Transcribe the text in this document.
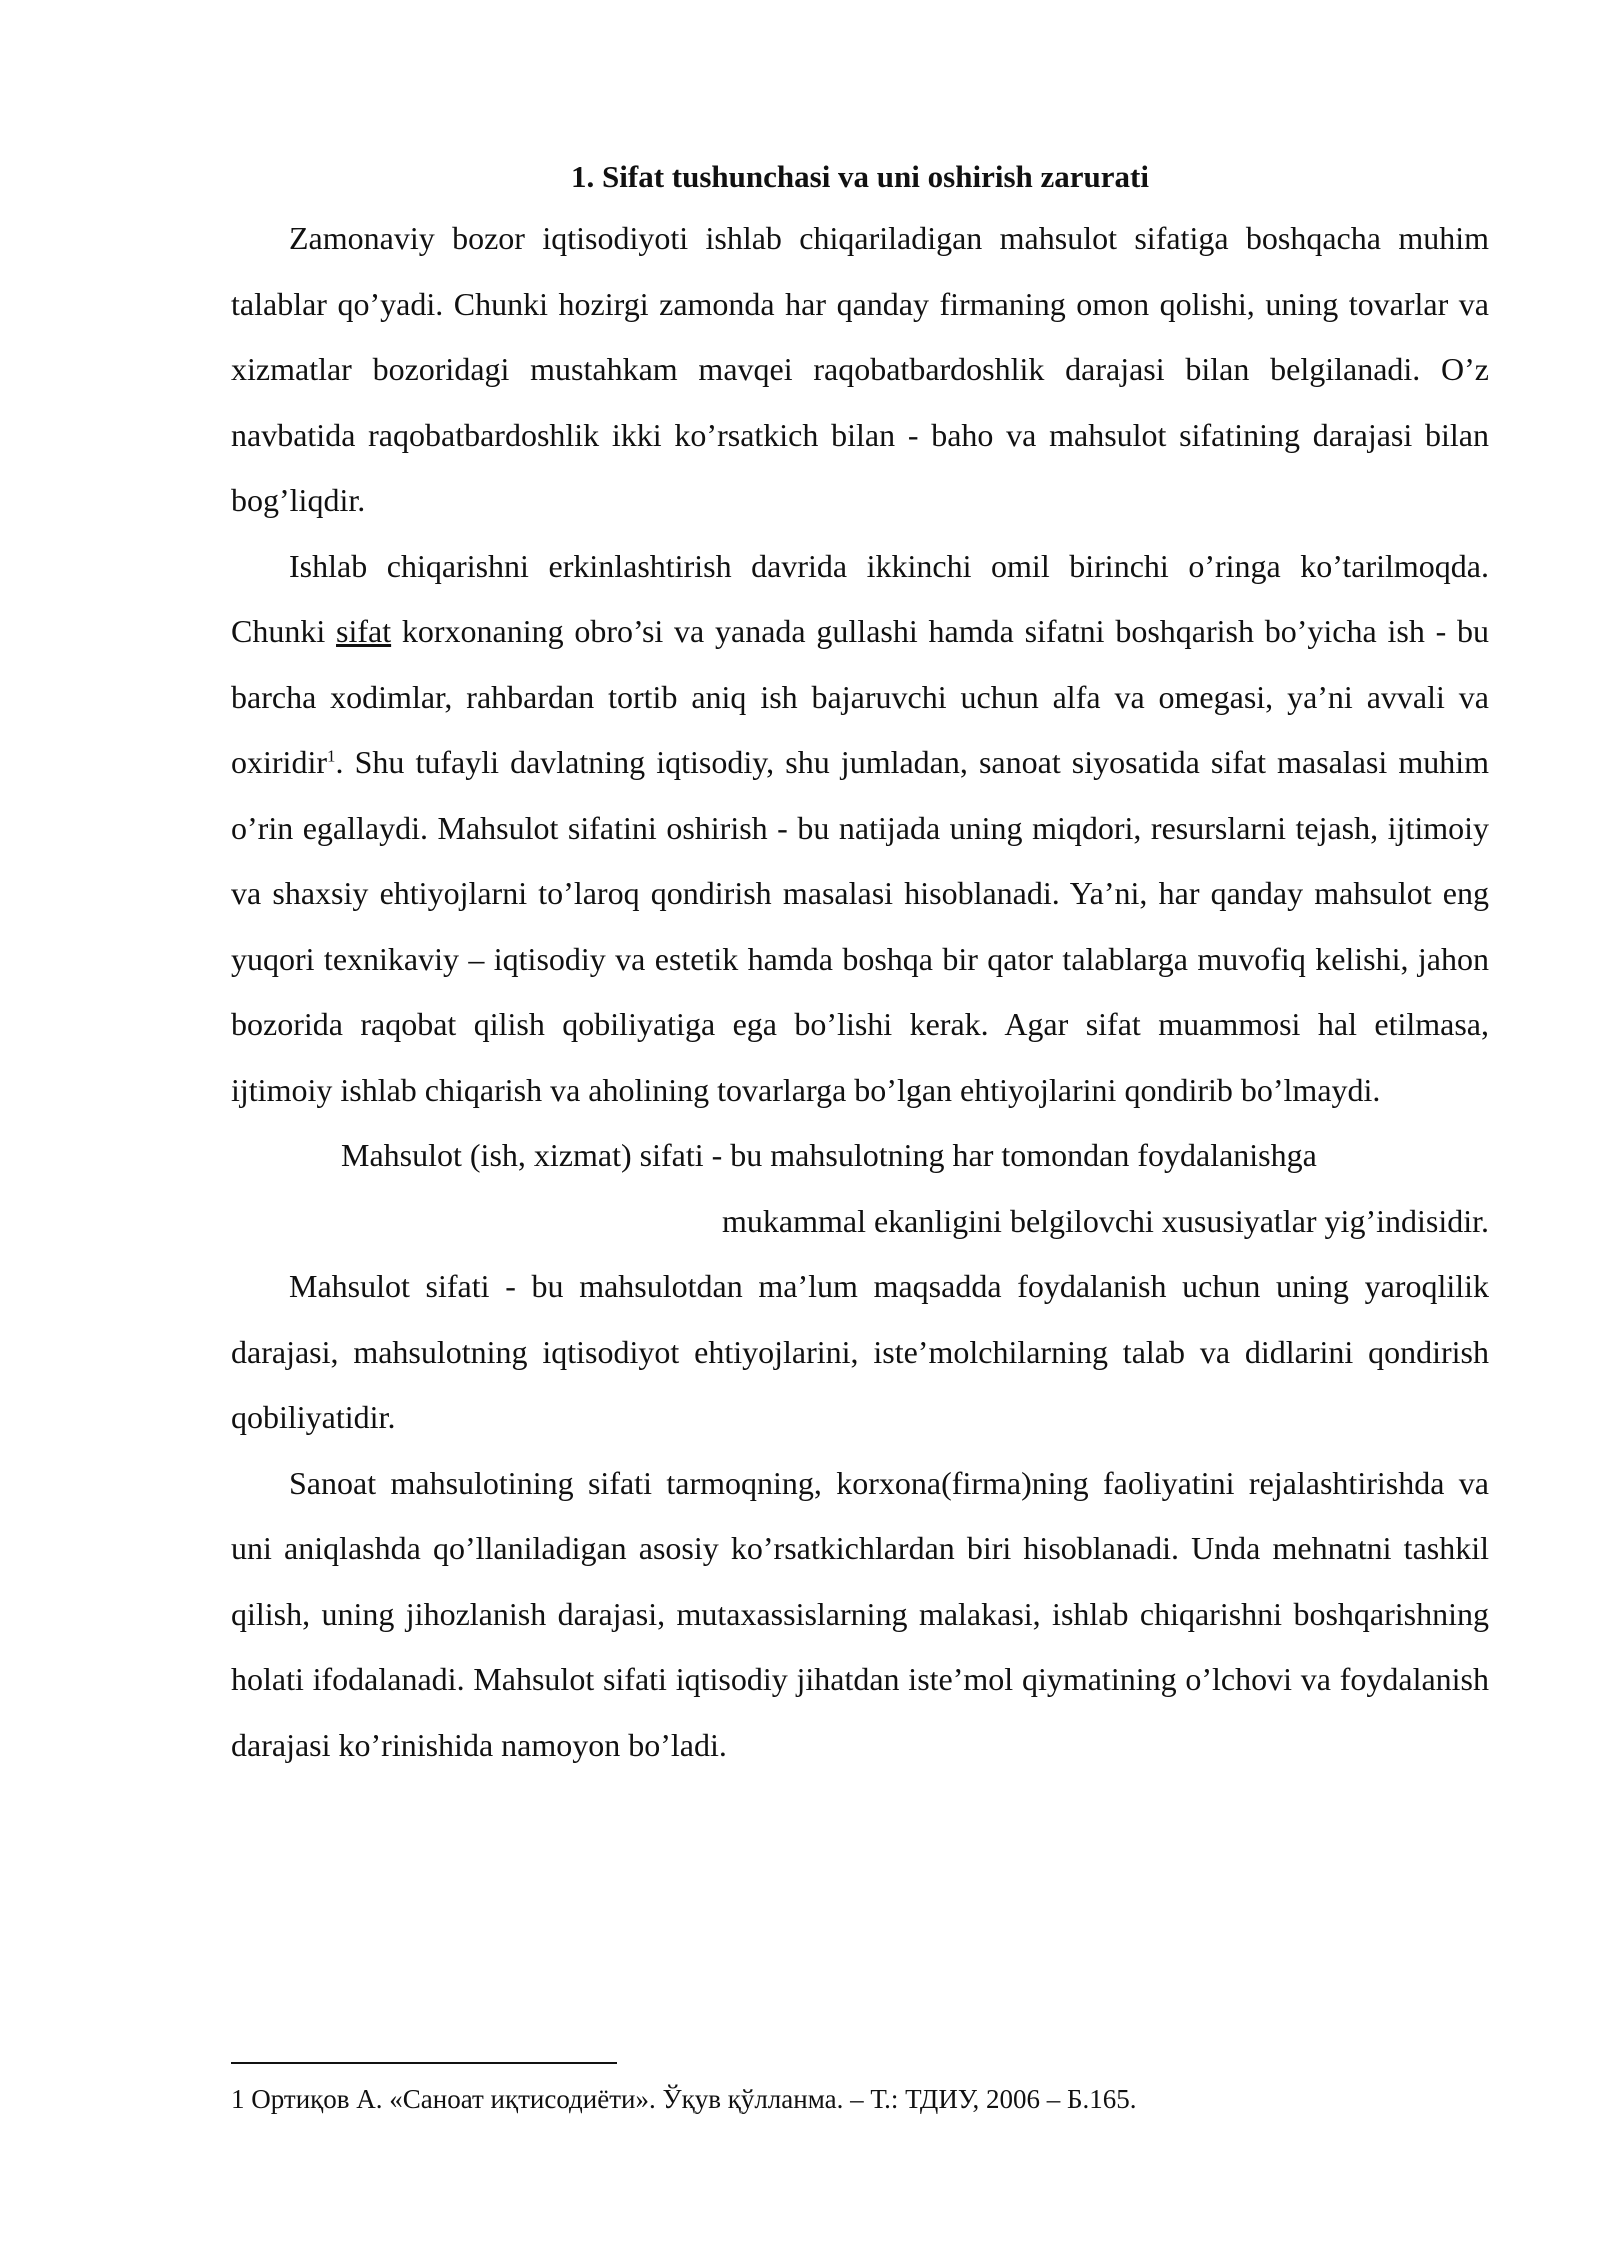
1. Sifat tushunchasi va uni oshirish zarurati

Zamonaviy bozor iqtisodiyoti ishlab chiqariladigan mahsulot sifatiga boshqacha muhim talablar qo’yadi. Chunki hozirgi zamonda har qanday firmaning omon qolishi, uning tovarlar va xizmatlar bozoridagi mustahkam mavqei raqobatbardoshlik darajasi bilan belgilanadi. O’z navbatida raqobatbardoshlik ikki ko’rsatkich bilan - baho va mahsulot sifatining darajasi bilan bog’liqdir.

Ishlab chiqarishni erkinlashtirish davrida ikkinchi omil birinchi o’ringa ko’tarilmoqda. Chunki sifat korxonaning obro’si va yanada gullashi hamda sifatni boshqarish bo’yicha ish - bu barcha xodimlar, rahbardan tortib aniq ish bajaruvchi uchun alfa va omegasi, ya’ni avvali va oxiridir$^1$. Shu tufayli davlatning iqtisodiy, shu jumladan, sanoat siyosatida sifat masalasi muhim o’rin egallaydi. Mahsulot sifatini oshirish - bu natijada uning miqdori, resurslarni tejash, ijtimoiy va shaxsiy ehtiyojlarni to’laroq qondirish masalasi hisoblanadi. Ya’ni, har qanday mahsulot eng yuqori texnikaviy – iqtisodiy va estetik hamda boshqa bir qator talablarga muvofiq kelishi, jahon bozorida raqobat qilish qobiliyatiga ega bo’lishi kerak. Agar sifat muammosi hal etilmasa, ijtimoiy ishlab chiqarish va aholining tovarlarga bo’lgan ehtiyojlarini qondirib bo’lmaydi.

Mahsulot (ish, xizmat) sifati - bu mahsulotning har tomondan foydalanishga
mukammal ekanligini belgilovchi xususiyatlar yig’indisidir.

Mahsulot sifati - bu mahsulotdan ma’lum maqsadda foydalanish uchun uning yaroqlilik darajasi, mahsulotning iqtisodiyot ehtiyojlarini, iste’molchilarning talab va didlarini qondirish qobiliyatidir.

Sanoat mahsulotining sifati tarmoqning, korxona(firma)ning faoliyatini rejalashtirishda va uni aniqlashda qo’llaniladigan asosiy ko’rsatkichlardan biri hisoblanadi. Unda mehnatni tashkil qilish, uning jihozlanish darajasi, mutaxassislarning malakasi, ishlab chiqarishni boshqarishning holati ifodalanadi. Mahsulot sifati iqtisodiy jihatdan iste’mol qiymatining o’lchovi va foydalanish darajasi ko’rinishida namoyon bo’ladi.

1 Ортиқов А. «Саноат иқтисодиёти». Ўқув қўлланма. – Т.: ТДИУ, 2006 – Б.165.
